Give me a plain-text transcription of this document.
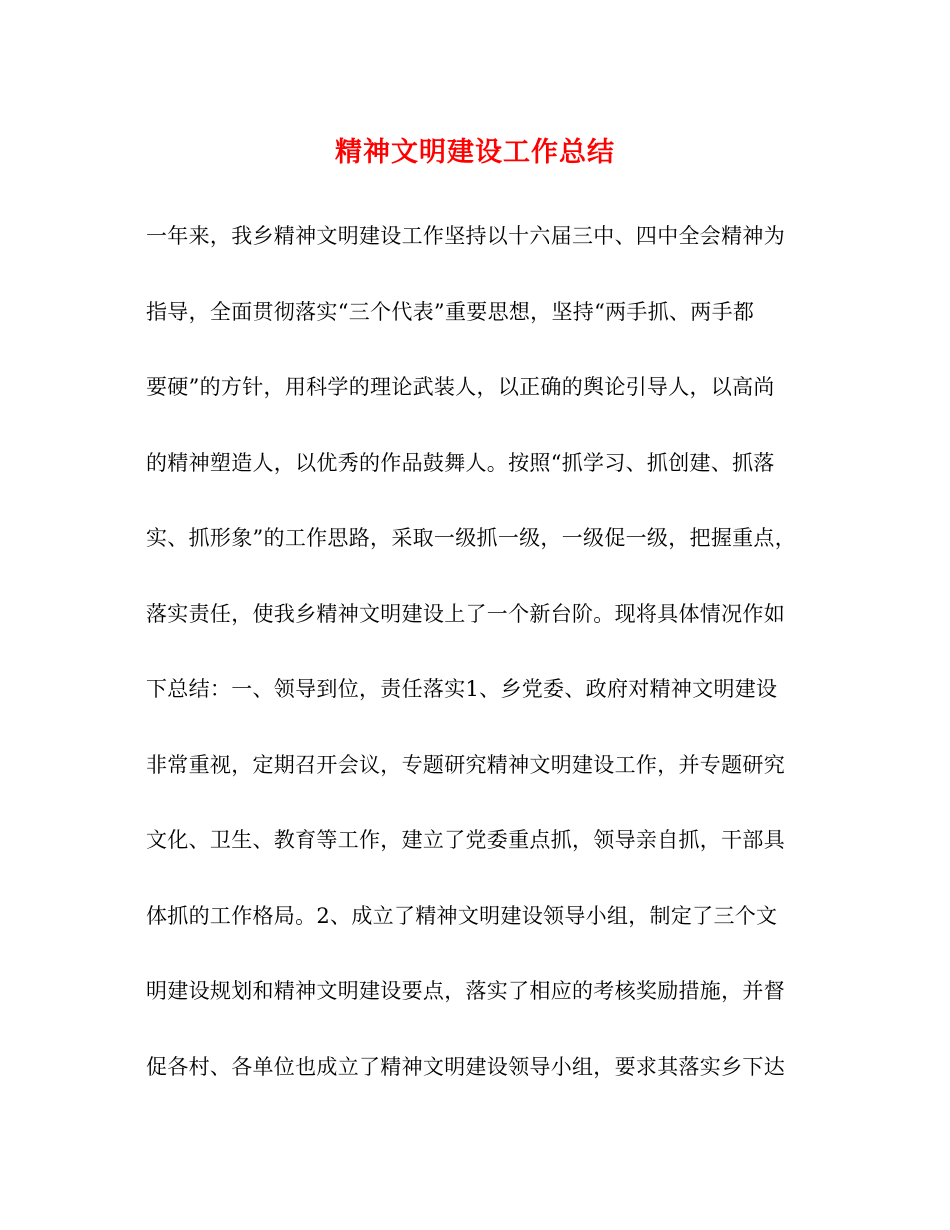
精神文明建设工作总结
一年来，我乡精神文明建设工作坚持以十六届三中、四中全会精神为
指导，全面贯彻落实“三个代表”重要思想，坚持“两手抓、两手都
要硬”的方针，用科学的理论武装人，以正确的舆论引导人，以高尚
的精神塑造人，以优秀的作品鼓舞人。按照“抓学习、抓创建、抓落
实、抓形象”的工作思路，采取一级抓一级，一级促一级，把握重点，
落实责任，使我乡精神文明建设上了一个新台阶。现将具体情况作如
下总结：一、领导到位，责任落实1、乡党委、政府对精神文明建设
非常重视，定期召开会议，专题研究精神文明建设工作，并专题研究
文化、卫生、教育等工作，建立了党委重点抓，领导亲自抓，干部具
体抓的工作格局。2、成立了精神文明建设领导小组，制定了三个文
明建设规划和精神文明建设要点，落实了相应的考核奖励措施，并督
促各村、各单位也成立了精神文明建设领导小组，要求其落实乡下达
